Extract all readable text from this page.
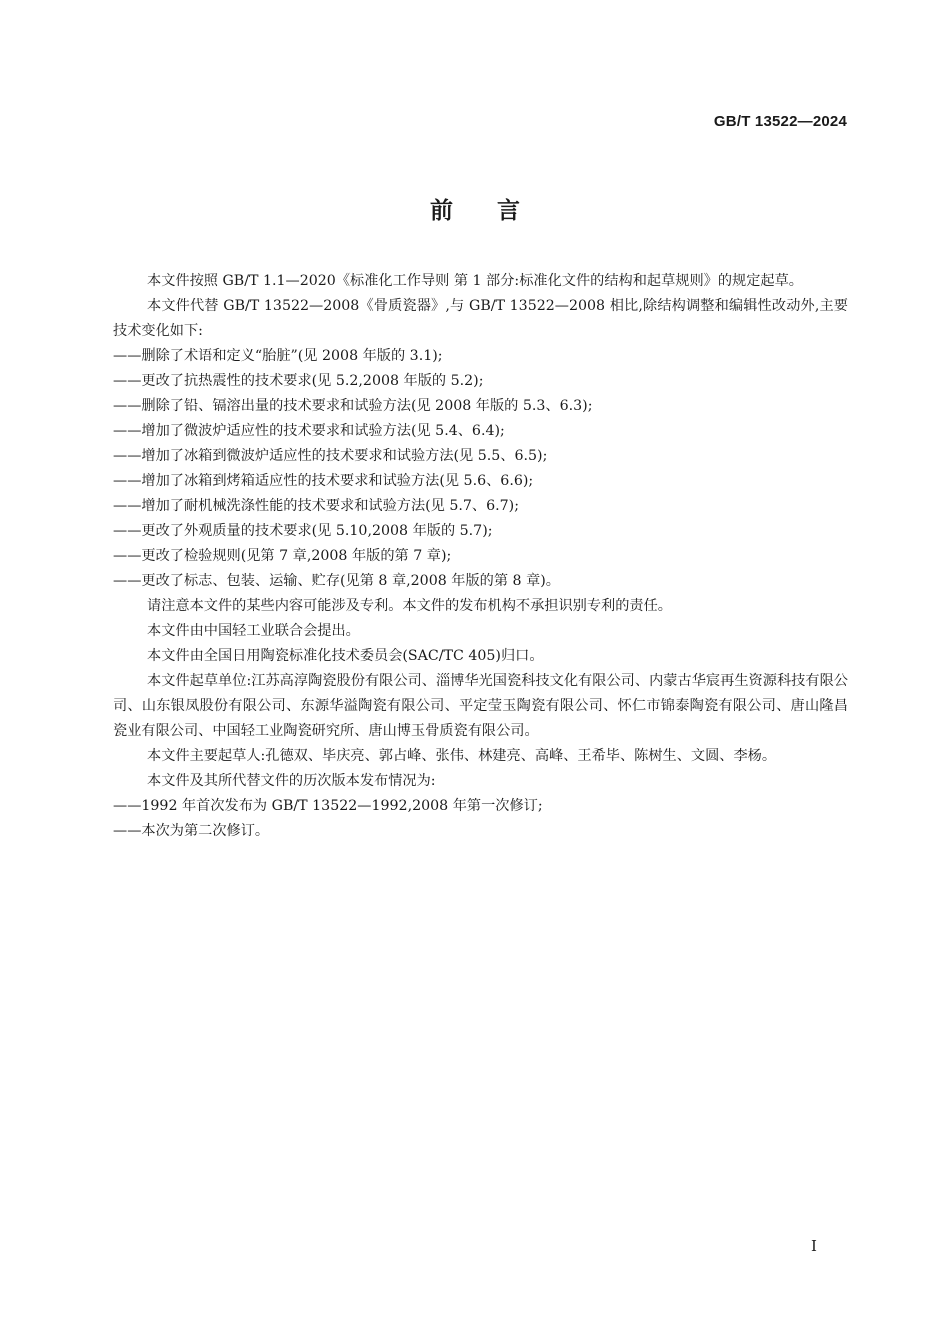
GB/T 13522—2024
前言

本文件按照 GB/T 1.1—2020《标准化工作导则 第 1 部分:标准化文件的结构和起草规则》的规定起草。

本文件代替 GB/T 13522—2008《骨质瓷器》,与 GB/T 13522—2008 相比,除结构调整和编辑性改动外,主要技术变化如下:

——删除了术语和定义“胎脏”(见 2008 年版的 3.1);

——更改了抗热震性的技术要求(见 5.2,2008 年版的 5.2);

——删除了铅、镉溶出量的技术要求和试验方法(见 2008 年版的 5.3、6.3);

——增加了微波炉适应性的技术要求和试验方法(见 5.4、6.4);

——增加了冰箱到微波炉适应性的技术要求和试验方法(见 5.5、6.5);

——增加了冰箱到烤箱适应性的技术要求和试验方法(见 5.6、6.6);

——增加了耐机械洗涤性能的技术要求和试验方法(见 5.7、6.7);

——更改了外观质量的技术要求(见 5.10,2008 年版的 5.7);

——更改了检验规则(见第 7 章,2008 年版的第 7 章);

——更改了标志、包装、运输、贮存(见第 8 章,2008 年版的第 8 章)。

请注意本文件的某些内容可能涉及专利。本文件的发布机构不承担识别专利的责任。

本文件由中国轻工业联合会提出。

本文件由全国日用陶瓷标准化技术委员会(SAC/TC 405)归口。

本文件起草单位:江苏高淳陶瓷股份有限公司、淄博华光国瓷科技文化有限公司、内蒙古华宸再生资源科技有限公司、山东银凤股份有限公司、东源华溢陶瓷有限公司、平定莹玉陶瓷有限公司、怀仁市锦泰陶瓷有限公司、唐山隆昌瓷业有限公司、中国轻工业陶瓷研究所、唐山博玉骨质瓷有限公司。

本文件主要起草人:孔德双、毕庆亮、郭占峰、张伟、林建亮、高峰、王希毕、陈树生、文圆、李杨。

本文件及其所代替文件的历次版本发布情况为:

——1992 年首次发布为 GB/T 13522—1992,2008 年第一次修订;

——本次为第二次修订。

I
